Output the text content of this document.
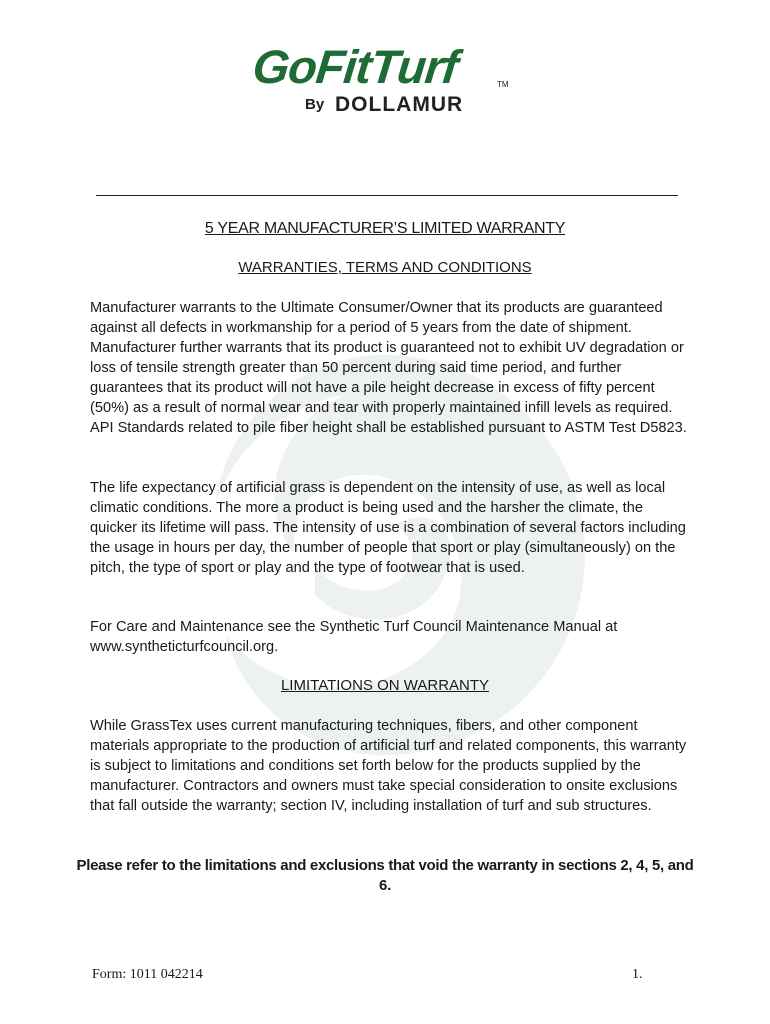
GoFitTurf	TM
By DOLLAMUR
5 YEAR MANUFACTURER’S LIMITED WARRANTY
WARRANTIES, TERMS AND CONDITIONS

Manufacturer warrants to the Ultimate Consumer/Owner that its products are guaranteed against all defects in workmanship for a period of 5 years from the date of shipment. Manufacturer further warrants that its product is guaranteed not to exhibit UV degradation or loss of tensile strength greater than 50 percent during said time period, and further guarantees that its product will not have a pile height decrease in excess of fifty percent (50%) as a result of normal wear and tear with properly maintained infill levels as required. API Standards related to pile fiber height shall be established pursuant to ASTM Test D5823.

The life expectancy of artificial grass is dependent on the intensity of use, as well as local climatic conditions. The more a product is being used and the harsher the climate, the quicker its lifetime will pass. The intensity of use is a combination of several factors including the usage in hours per day, the number of people that sport or play (simultaneously) on the pitch, the type of sport or play and the type of footwear that is used.

For Care and Maintenance see the Synthetic Turf Council Maintenance Manual at www.syntheticturfcouncil.org.

LIMITATIONS ON WARRANTY

While GrassTex uses current manufacturing techniques, fibers, and other component materials appropriate to the production of artificial turf and related components, this warranty is subject to limitations and conditions set forth below for the products supplied by the manufacturer. Contractors and owners must take special consideration to onsite exclusions that fall outside the warranty; section IV, including installation of turf and sub structures.

Please refer to the limitations and exclusions that void the warranty in sections 2, 4, 5, and 6.
Form: 1011 042214	1.
